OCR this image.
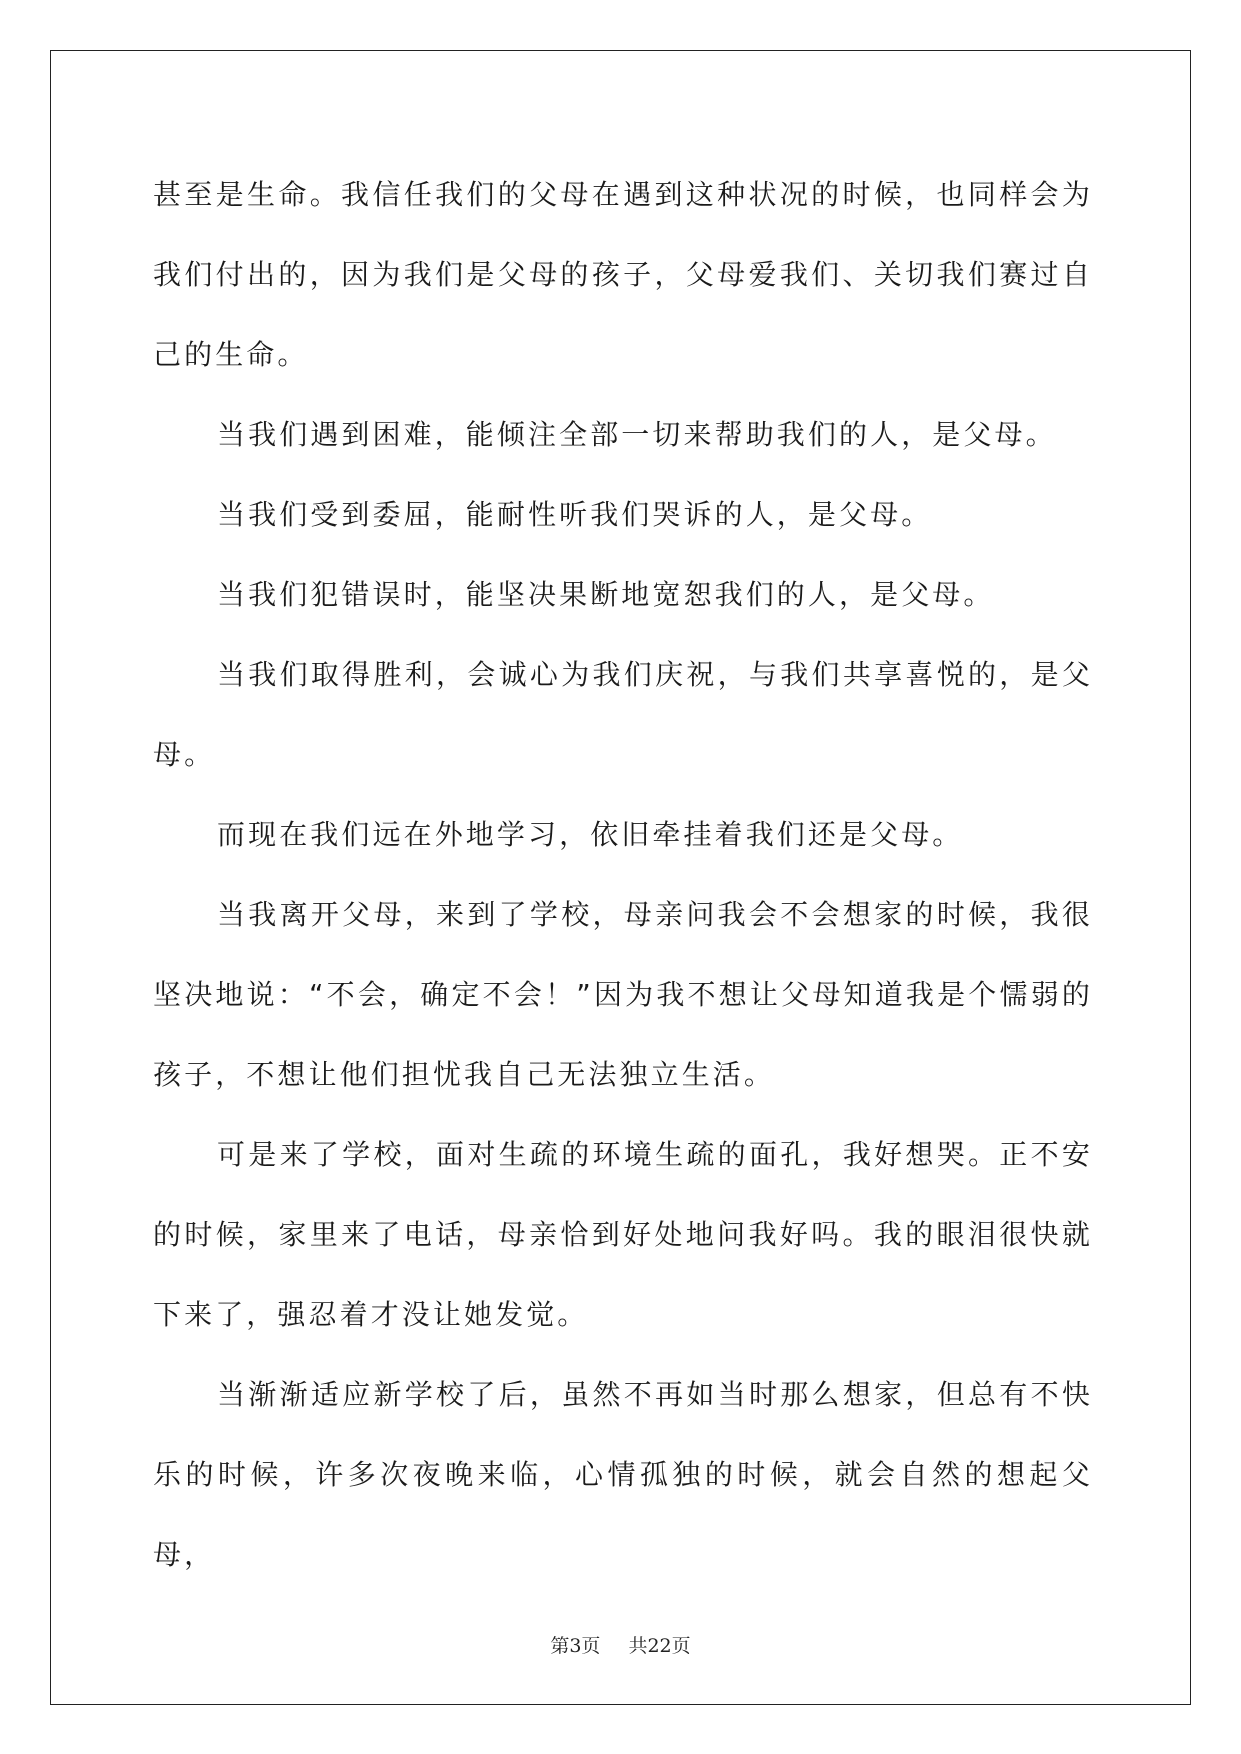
甚至是生命。我信任我们的父母在遇到这种状况的时候，也同样会为我们付出的，因为我们是父母的孩子，父母爱我们、关切我们赛过自己的生命。

当我们遇到困难，能倾注全部一切来帮助我们的人，是父母。

当我们受到委屈，能耐性听我们哭诉的人，是父母。

当我们犯错误时，能坚决果断地宽恕我们的人，是父母。

当我们取得胜利，会诚心为我们庆祝，与我们共享喜悦的，是父母。

而现在我们远在外地学习，依旧牵挂着我们还是父母。

当我离开父母，来到了学校，母亲问我会不会想家的时候，我很坚决地说：“不会，确定不会！”因为我不想让父母知道我是个懦弱的孩子，不想让他们担忧我自己无法独立生活。

可是来了学校，面对生疏的环境生疏的面孔，我好想哭。正不安的时候，家里来了电话，母亲恰到好处地问我好吗。我的眼泪很快就下来了，强忍着才没让她发觉。

当渐渐适应新学校了后，虽然不再如当时那么想家，但总有不快乐的时候，许多次夜晚来临，心情孤独的时候，就会自然的想起父母，

第3页 共22页
